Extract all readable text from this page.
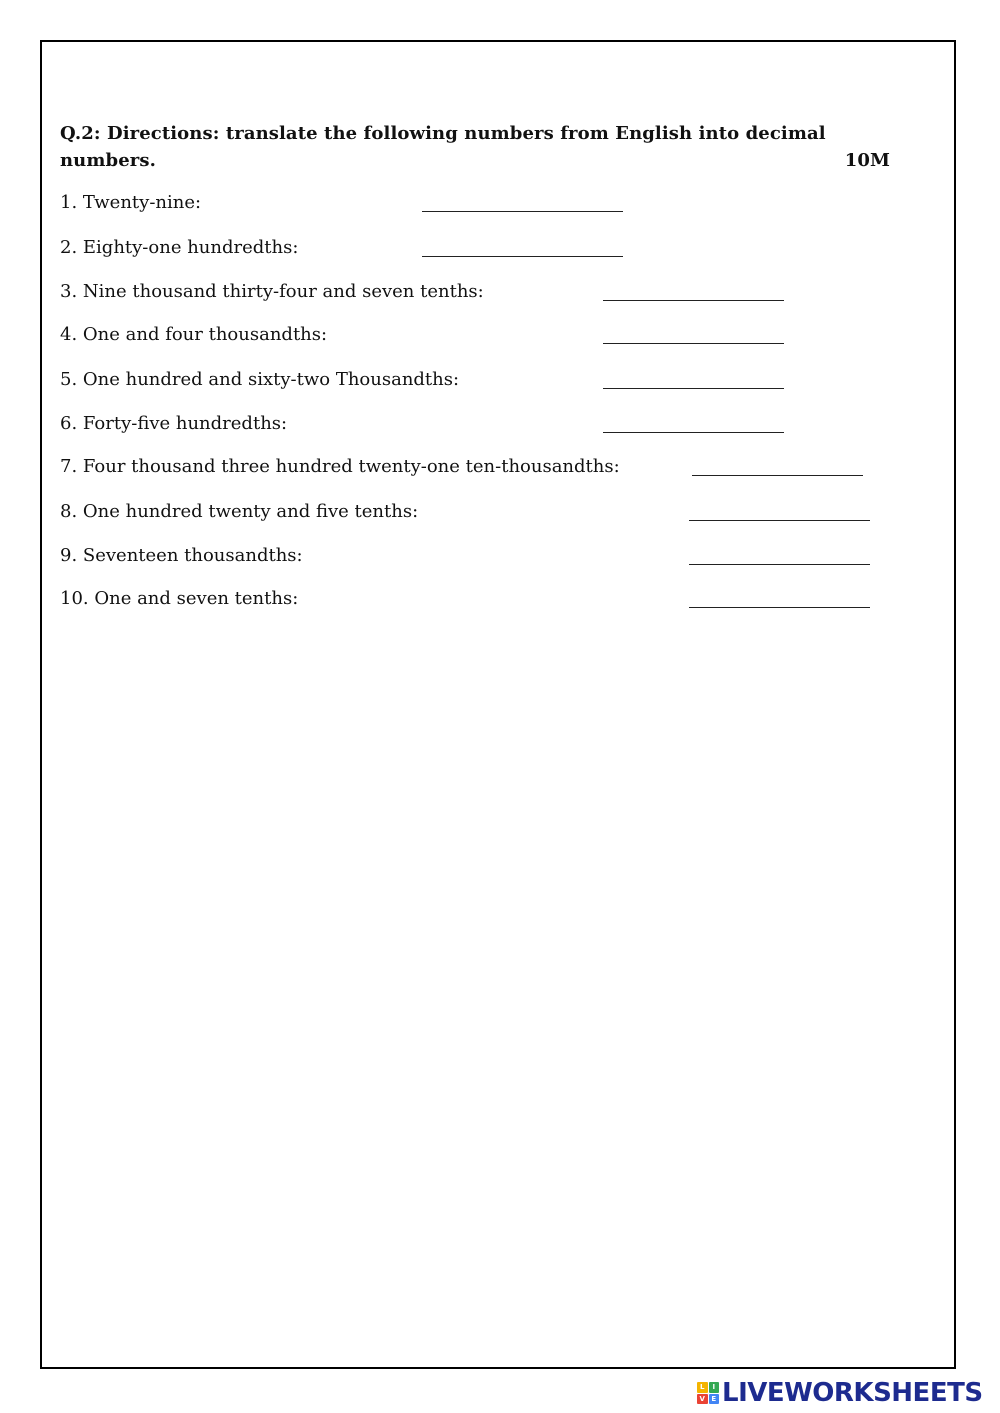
Q.2: Directions: translate the following numbers from English into decimal
numbers.	10M
1. Twenty-nine:
2. Eighty-one hundredths:
3. Nine thousand thirty-four and seven tenths:
4. One and four thousandths:
5. One hundred and sixty-two Thousandths:
6. Forty-five hundredths:
7. Four thousand three hundred twenty-one ten-thousandths:
8. One hundred twenty and five tenths:
9. Seventeen thousandths:
10. One and seven tenths:
L	I
V E LIVEWORKSHEETS
